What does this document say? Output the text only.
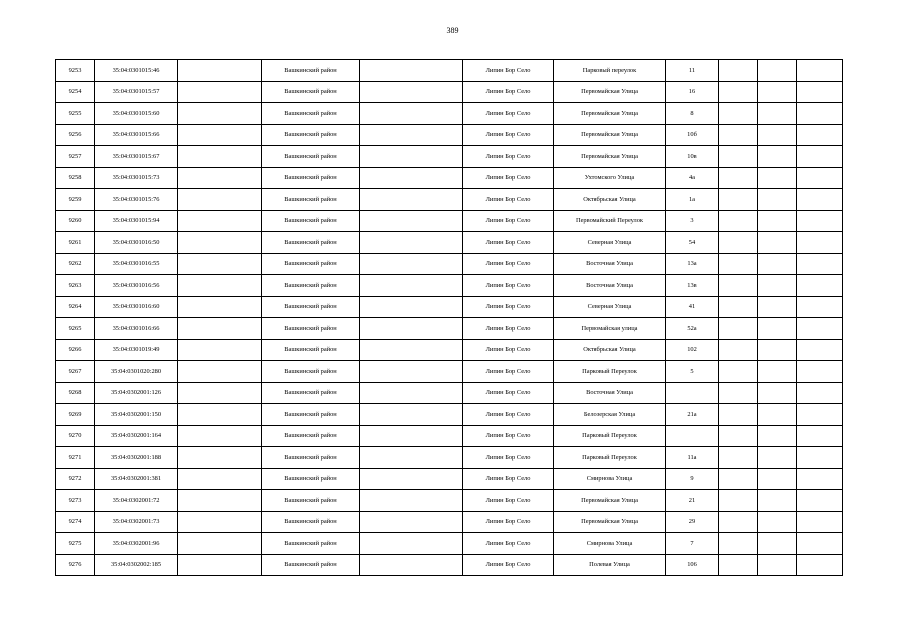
389
9253	35:04:0301015:46		Вашкинский район		Липин Бор Село	Парковый переулок	11			
9254	35:04:0301015:57		Вашкинский район		Липин Бор Село	Первомайская Улица	16			
9255	35:04:0301015:60		Вашкинский район		Липин Бор Село	Первомайская Улица	8			
9256	35:04:0301015:66		Вашкинский район		Липин Бор Село	Первомайская Улица	10б			
9257	35:04:0301015:67		Вашкинский район		Липин Бор Село	Первомайская Улица	10в			
9258	35:04:0301015:73		Вашкинский район		Липин Бор Село	Ухтомского Улица	4а			
9259	35:04:0301015:76		Вашкинский район		Липин Бор Село	Октябрьская Улица	1а			
9260	35:04:0301015:94		Вашкинский район		Липин Бор Село	Первомайский Переулок	3			
9261	35:04:0301016:50		Вашкинский район		Липин Бор Село	Северная Улица	54			
9262	35:04:0301016:55		Вашкинский район		Липин Бор Село	Восточная Улица	13а			
9263	35:04:0301016:56		Вашкинский район		Липин Бор Село	Восточная Улица	13в			
9264	35:04:0301016:60		Вашкинский район		Липин Бор Село	Северная Улица	41			
9265	35:04:0301016:66		Вашкинский район		Липин Бор Село	Первомайская улица	52а			
9266	35:04:0301019:49		Вашкинский район		Липин Бор Село	Октябрьская Улица	102			
9267	35:04:0301020:280		Вашкинский район		Липин Бор Село	Парковый Переулок	5			
9268	35:04:0302001:126		Вашкинский район		Липин Бор Село	Восточная Улица				
9269	35:04:0302001:150		Вашкинский район		Липин Бор Село	Белозерская Улица	21а			
9270	35:04:0302001:164		Вашкинский район		Липин Бор Село	Парковый Переулок				
9271	35:04:0302001:188		Вашкинский район		Липин Бор Село	Парковый Переулок	11а			
9272	35:04:0302001:381		Вашкинский район		Липин Бор Село	Смирнова Улица	9			
9273	35:04:0302001:72		Вашкинский район		Липин Бор Село	Первомайская Улица	21			
9274	35:04:0302001:73		Вашкинский район		Липин Бор Село	Первомайская Улица	29			
9275	35:04:0302001:96		Вашкинский район		Липин Бор Село	Смирнова Улица	7			
9276	35:04:0302002:185		Вашкинский район		Липин Бор Село	Полевая Улица	106			
